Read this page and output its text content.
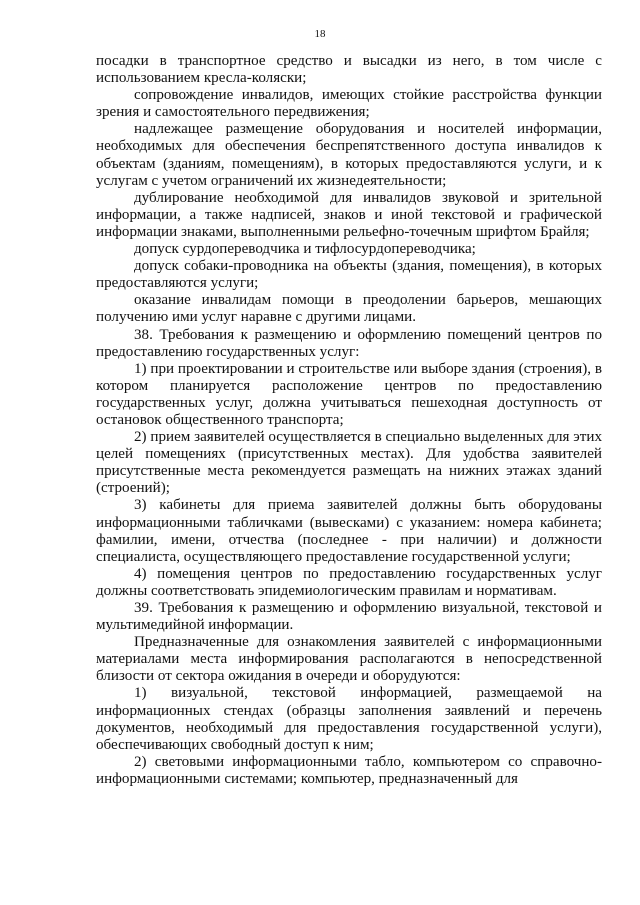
18

посадки в транспортное средство и высадки из него, в том числе с использованием кресла-коляски;

сопровождение инвалидов, имеющих стойкие расстройства функции зрения и самостоятельного передвижения;

надлежащее размещение оборудования и носителей информации, необходимых для обеспечения беспрепятственного доступа инвалидов к объектам (зданиям, помещениям), в которых предоставляются услуги, и к услугам с учетом ограничений их жизнедеятельности;

дублирование необходимой для инвалидов звуковой и зрительной информации, а также надписей, знаков и иной текстовой и графической информации знаками, выполненными рельефно-точечным шрифтом Брайля;

допуск сурдопереводчика и тифлосурдопереводчика;

допуск собаки-проводника на объекты (здания, помещения), в которых предоставляются услуги;

оказание инвалидам помощи в преодолении барьеров, мешающих получению ими услуг наравне с другими лицами.

38. Требования к размещению и оформлению помещений центров по предоставлению государственных услуг:

1) при проектировании и строительстве или выборе здания (строения), в котором планируется расположение центров по предоставлению государственных услуг, должна учитываться пешеходная доступность от остановок общественного транспорта;

2) прием заявителей осуществляется в специально выделенных для этих целей помещениях (присутственных местах). Для удобства заявителей присутственные места рекомендуется размещать на нижних этажах зданий (строений);

3) кабинеты для приема заявителей должны быть оборудованы информационными табличками (вывесками) с указанием: номера кабинета; фамилии, имени, отчества (последнее - при наличии) и должности специалиста, осуществляющего предоставление государственной услуги;

4) помещения центров по предоставлению государственных услуг должны соответствовать эпидемиологическим правилам и нормативам.

39. Требования к размещению и оформлению визуальной, текстовой и мультимедийной информации.

Предназначенные для ознакомления заявителей с информационными материалами места информирования располагаются в непосредственной близости от сектора ожидания в очереди и оборудуются:

1) визуальной, текстовой информацией, размещаемой на информационных стендах (образцы заполнения заявлений и перечень документов, необходимый для предоставления государственной услуги), обеспечивающих свободный доступ к ним;

2) световыми информационными табло, компьютером со справочно-информационными системами; компьютер, предназначенный для
